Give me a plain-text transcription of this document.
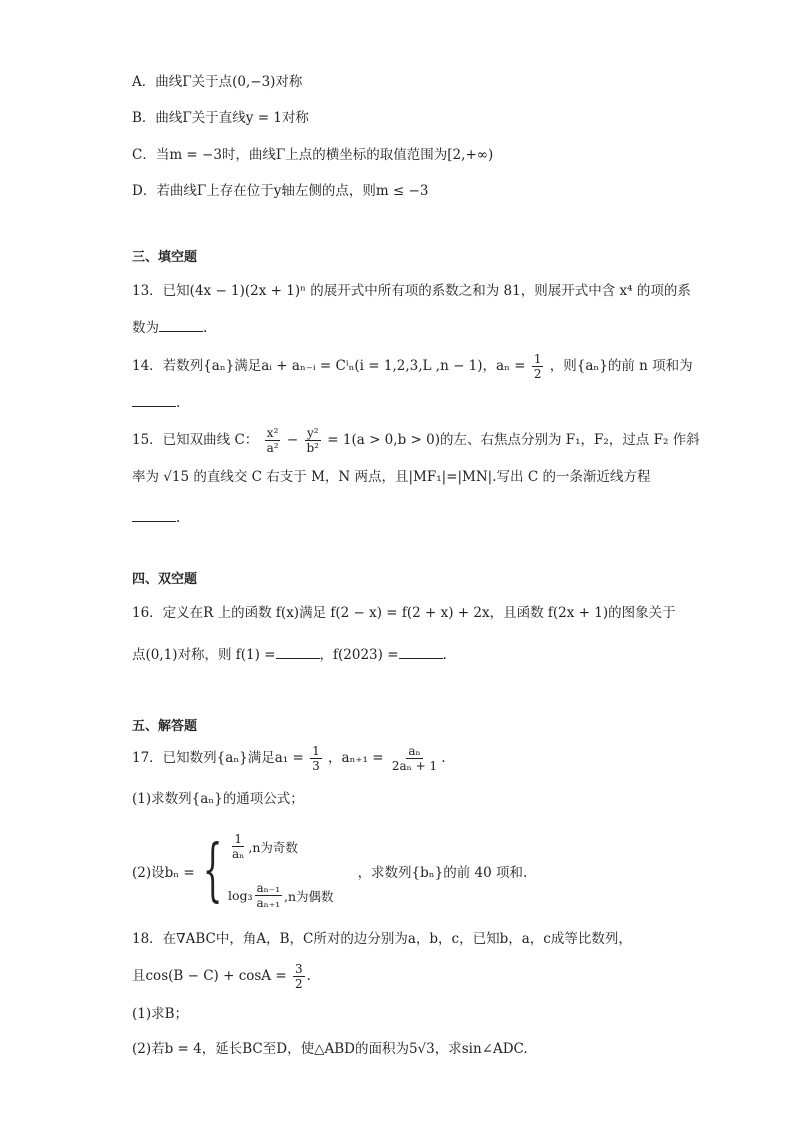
A．曲线Γ关于点(0,−3)对称
B．曲线Γ关于直线y = 1对称
C．当m = −3时，曲线Γ上点的横坐标的取值范围为[2,+∞)
D．若曲线Γ上存在位于y轴左侧的点，则m ≤ −3
三、填空题
13．已知(4x − 1)(2x + 1)ⁿ 的展开式中所有项的系数之和为 81，则展开式中含 x⁴ 的项的系
数为	.
14．若数列{aₙ}满足aᵢ + aₙ₋ᵢ = Cⁱₙ(i = 1,2,3,L ,n − 1)，$a_n = \frac{1}{2}$ ，则{aₙ}的前 n 项和为
.
15．已知双曲线 C： $\frac{\text{x²}}{\text{a²}} - \frac{\text{y²}}{\text{b²}} = 1(a > 0,b > 0)$的左、右焦点分别为 F₁，F₂，过点 F₂ 作斜
率为 √15 的直线交 C 右支于 M，N 两点，且|MF₁|=|MN|.写出 C 的一条渐近线方程
.
四、双空题
16．定义在R 上的函数 f(x)满足 f(2 − x) = f(2 + x) + 2x，且函数 f(2x + 1)的图象关于
点(0,1)对称，则 f(1) =	，f(2023) =	.
五、解答题
17．已知数列{aₙ}满足$a_1 = \frac{1}{3}$ ，$a_{n+1} = \frac{\text{aₙ}}{\text{2aₙ + 1}}$ .
(1)求数列{aₙ}的通项公式；
(2)设bₙ = { $\frac{1}{\text{aₙ}} ,n$为奇数
$\log_3 \frac{\text{aₙ₋₁}}{\text{aₙ₊₁}} ,n$为偶数
，求数列{bₙ}的前 40 项和.
18．在∇ABC中，角A，B，C所对的边分别为a，b，c，已知b，a，c成等比数列，
且$\cos(B - C) + \cos A = \frac{3}{2}$ .
(1)求B；
(2)若b = 4，延长BC至D，使△ABD的面积为5√3，求sin∠ADC.
